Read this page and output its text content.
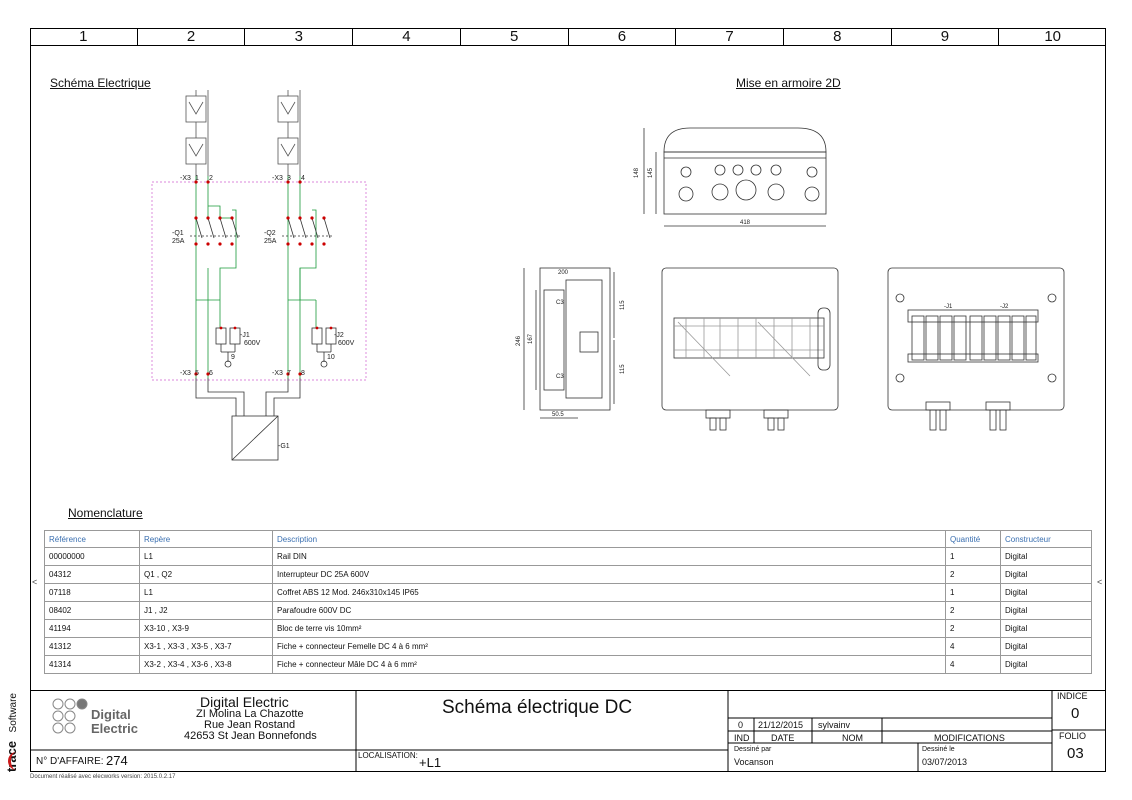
1	2	3	4	5	6	7	8	9	10
Schéma Electrique	Mise en armoire 2D
Nomenclature
-X3 1 2	-X3 3 4
-Q1
25A
-Q2
25A
-J1
600V
9
-J2
600V
10
-X3 5 6	-X3 7 8
-G1
148 145
418
246 167
115
115
50.5
200
C3
C3
-J1	-J2
Référence	Repère	Description	Quantité	Constructeur
00000000	L1	Rail DIN	1	Digital
04312	Q1 , Q2	Interrupteur DC 25A 600V	2	Digital
07118	L1	Coffret ABS 12 Mod. 246x310x145 IP65	1	Digital
08402	J1 , J2	Parafoudre 600V DC	2	Digital
41194	X3-10 , X3-9	Bloc de terre vis 10mm²	2	Digital
41312	X3-1 , X3-3 , X3-5 , X3-7	Fiche + connecteur Femelle DC 4 à 6 mm²	4	Digital
41314	X3-2 , X3-4 , X3-6 , X3-8	Fiche + connecteur Mâle DC 4 à 6 mm²	4	Digital
<	<
Digital
Electric
Digital Electric
ZI Molina La Chazotte
Rue Jean Rostand
42653 St Jean Bonnefonds
Schéma électrique DC
N° D'AFFAIRE: 274	LOCALISATION: +L1
0 21/12/2015 sylvainv
IND DATE	NOM	MODIFICATIONS
Dessiné par
Vocanson
Dessiné le
03/07/2013
INDICE
0
FOLIO
03
Document réalisé avec elecworks version: 2015.0.2.17
trace Software
